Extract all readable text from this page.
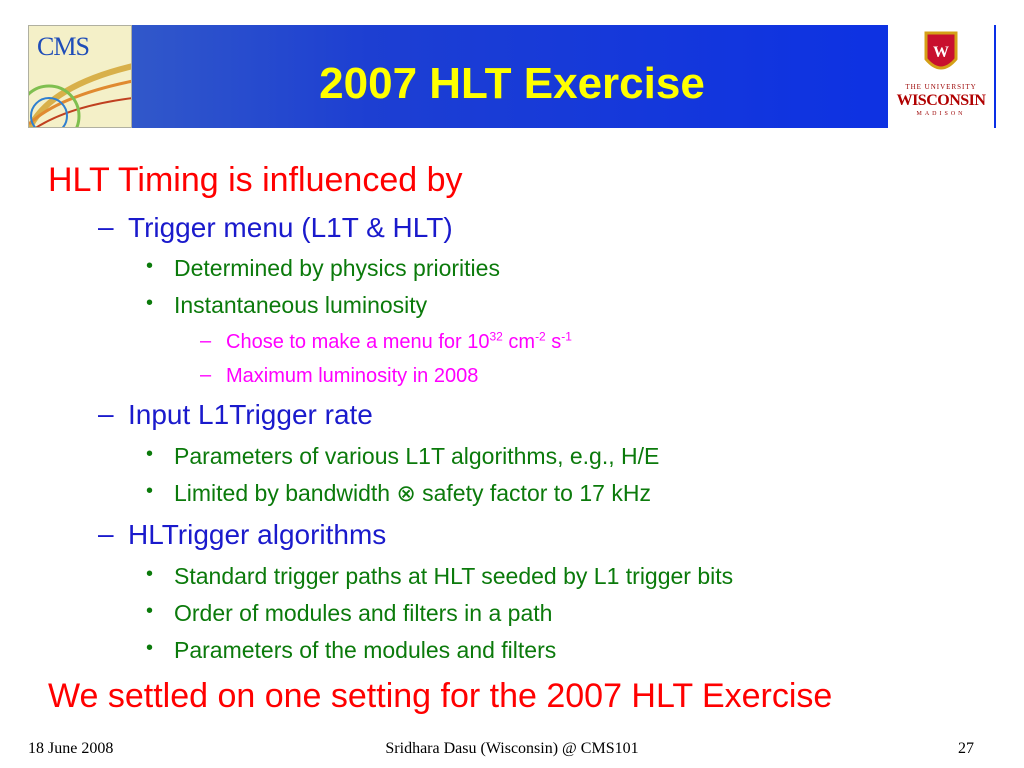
CMS
2007 HLT Exercise
W
THE UNIVERSITY
WISCONSIN
MADISON
HLT Timing is influenced by
– Trigger menu (L1T & HLT)
• Determined by physics priorities
• Instantaneous luminosity
– Chose to make a menu for $10^{32}$ $cm^{-2}$ $s^{-1}$
– Maximum luminosity in 2008
– Input L1Trigger rate
• Parameters of various L1T algorithms, e.g., H/E
• Limited by bandwidth ⊗ safety factor to 17 kHz
– HLTrigger algorithms
• Standard trigger paths at HLT seeded by L1 trigger bits
• Order of modules and filters in a path
• Parameters of the modules and filters
We settled on one setting for the 2007 HLT Exercise
18 June 2008	Sridhara Dasu (Wisconsin) @ CMS101	27
